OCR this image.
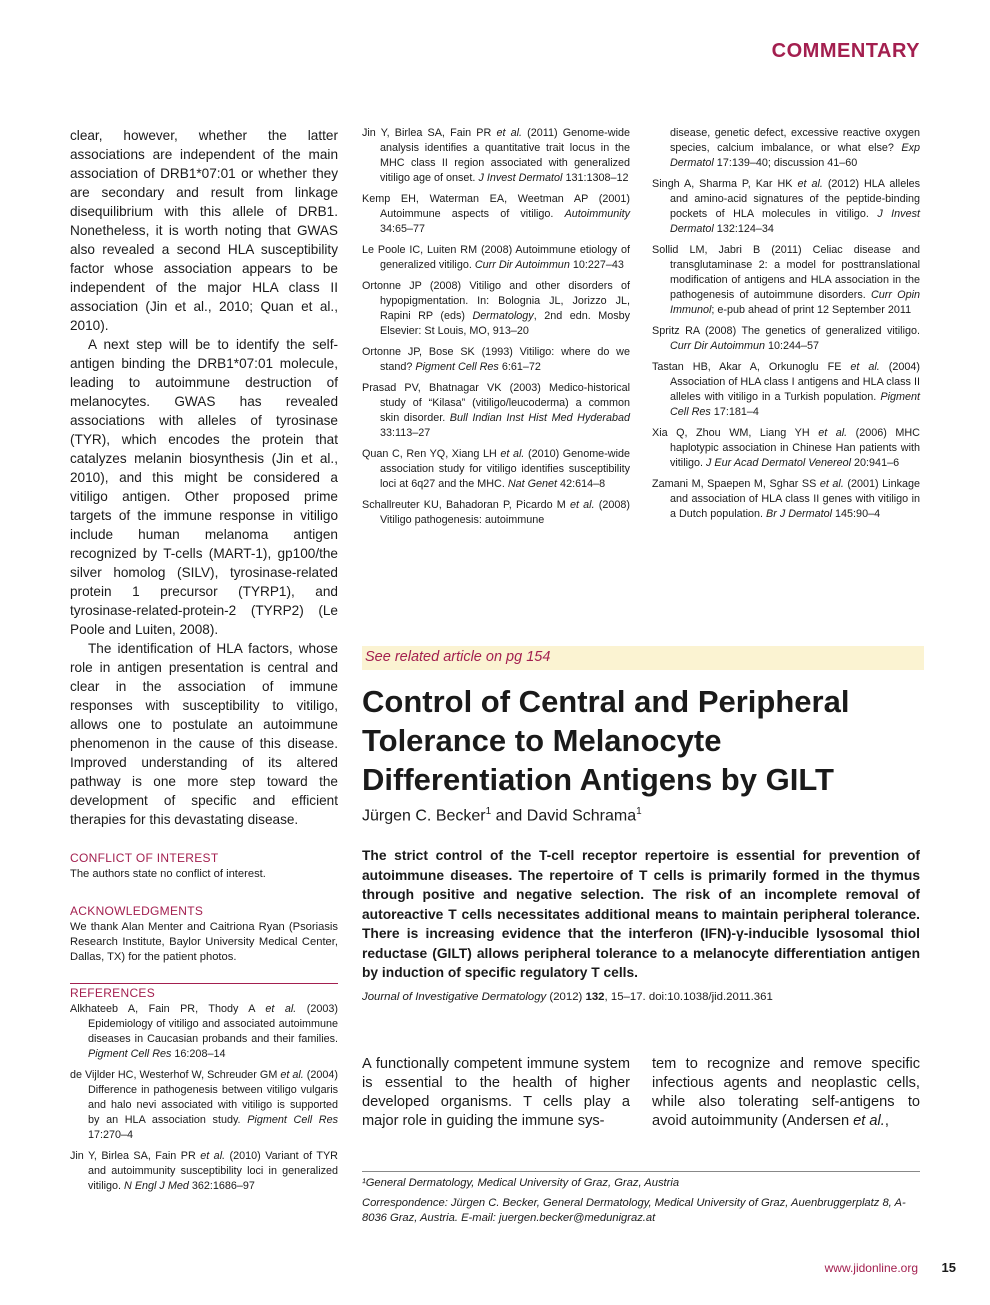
COMMENTARY

clear, however, whether the latter associations are independent of the main association of DRB1*07:01 or whether they are secondary and result from linkage disequilibrium with this allele of DRB1. Nonetheless, it is worth noting that GWAS also revealed a second HLA susceptibility factor whose association appears to be independent of the major HLA class II association (Jin et al., 2010; Quan et al., 2010).

A next step will be to identify the self-antigen binding the DRB1*07:01 molecule, leading to autoimmune destruction of melanocytes. GWAS has revealed associations with alleles of tyrosinase (TYR), which encodes the protein that catalyzes melanin biosynthesis (Jin et al., 2010), and this might be considered a vitiligo antigen. Other proposed prime targets of the immune response in vitiligo include human melanoma antigen recognized by T-cells (MART-1), gp100/the silver homolog (SILV), tyrosinase-related protein 1 precursor (TYRP1), and tyrosinase-related-protein-2 (TYRP2) (Le Poole and Luiten, 2008).

The identification of HLA factors, whose role in antigen presentation is central and clear in the association of immune responses with susceptibility to vitiligo, allows one to postulate an autoimmune phenomenon in the cause of this disease. Improved understanding of its altered pathway is one more step toward the development of specific and efficient therapies for this devastating disease.

CONFLICT OF INTEREST

The authors state no conflict of interest.

ACKNOWLEDGMENTS

We thank Alan Menter and Caitriona Ryan (Psoriasis Research Institute, Baylor University Medical Center, Dallas, TX) for the patient photos.

REFERENCES

Alkhateeb A, Fain PR, Thody A et al. (2003) Epidemiology of vitiligo and associated autoimmune diseases in Caucasian probands and their families. Pigment Cell Res 16:208–14

de Vijlder HC, Westerhof W, Schreuder GM et al. (2004) Difference in pathogenesis between vitiligo vulgaris and halo nevi associated with vitiligo is supported by an HLA association study. Pigment Cell Res 17:270–4

Jin Y, Birlea SA, Fain PR et al. (2010) Variant of TYR and autoimmunity susceptibility loci in generalized vitiligo. N Engl J Med 362:1686–97

Jin Y, Birlea SA, Fain PR et al. (2011) Genome-wide analysis identifies a quantitative trait locus in the MHC class II region associated with generalized vitiligo age of onset. J Invest Dermatol 131:1308–12

Kemp EH, Waterman EA, Weetman AP (2001) Autoimmune aspects of vitiligo. Autoimmunity 34:65–77

Le Poole IC, Luiten RM (2008) Autoimmune etiology of generalized vitiligo. Curr Dir Autoimmun 10:227–43

Ortonne JP (2008) Vitiligo and other disorders of hypopigmentation. In: Bolognia JL, Jorizzo JL, Rapini RP (eds) Dermatology, 2nd edn. Mosby Elsevier: St Louis, MO, 913–20

Ortonne JP, Bose SK (1993) Vitiligo: where do we stand? Pigment Cell Res 6:61–72

Prasad PV, Bhatnagar VK (2003) Medico-historical study of “Kilasa” (vitiligo/leucoderma) a common skin disorder. Bull Indian Inst Hist Med Hyderabad 33:113–27

Quan C, Ren YQ, Xiang LH et al. (2010) Genome-wide association study for vitiligo identifies susceptibility loci at 6q27 and the MHC. Nat Genet 42:614–8

Schallreuter KU, Bahadoran P, Picardo M et al. (2008) Vitiligo pathogenesis: autoimmune

disease, genetic defect, excessive reactive oxygen species, calcium imbalance, or what else? Exp Dermatol 17:139–40; discussion 41–60

Singh A, Sharma P, Kar HK et al. (2012) HLA alleles and amino-acid signatures of the peptide-binding pockets of HLA molecules in vitiligo. J Invest Dermatol 132:124–34

Sollid LM, Jabri B (2011) Celiac disease and transglutaminase 2: a model for posttranslational modification of antigens and HLA association in the pathogenesis of autoimmune disorders. Curr Opin Immunol; e-pub ahead of print 12 September 2011

Spritz RA (2008) The genetics of generalized vitiligo. Curr Dir Autoimmun 10:244–57

Tastan HB, Akar A, Orkunoglu FE et al. (2004) Association of HLA class I antigens and HLA class II alleles with vitiligo in a Turkish population. Pigment Cell Res 17:181–4

Xia Q, Zhou WM, Liang YH et al. (2006) MHC haplotypic association in Chinese Han patients with vitiligo. J Eur Acad Dermatol Venereol 20:941–6

Zamani M, Spaepen M, Sghar SS et al. (2001) Linkage and association of HLA class II genes with vitiligo in a Dutch population. Br J Dermatol 145:90–4

See related article on pg 154
Control of Central and Peripheral Tolerance to Melanocyte Differentiation Antigens by GILT
Jürgen C. Becker$^1$ and David Schrama$^1$

The strict control of the T-cell receptor repertoire is essential for prevention of autoimmune diseases. The repertoire of T cells is primarily formed in the thymus through positive and negative selection. The risk of an incomplete removal of autoreactive T cells necessitates additional means to maintain peripheral tolerance. There is increasing evidence that the interferon (IFN)-γ-inducible lysosomal thiol reductase (GILT) allows peripheral tolerance to a melanocyte differentiation antigen by induction of specific regulatory T cells.

Journal of Investigative Dermatology (2012) 132, 15–17. doi:10.1038/jid.2011.361

A functionally competent immune system is essential to the health of higher developed organisms. T cells play a major role in guiding the immune sys-

tem to recognize and remove specific infectious agents and neoplastic cells, while also tolerating self-antigens to avoid autoimmunity (Andersen et al.,

¹General Dermatology, Medical University of Graz, Graz, Austria
Correspondence: Jürgen C. Becker, General Dermatology, Medical University of Graz, Auenbruggerplatz 8, A-8036 Graz, Austria. E-mail: juergen.becker@medunigraz.at
www.jidonline.org 15
